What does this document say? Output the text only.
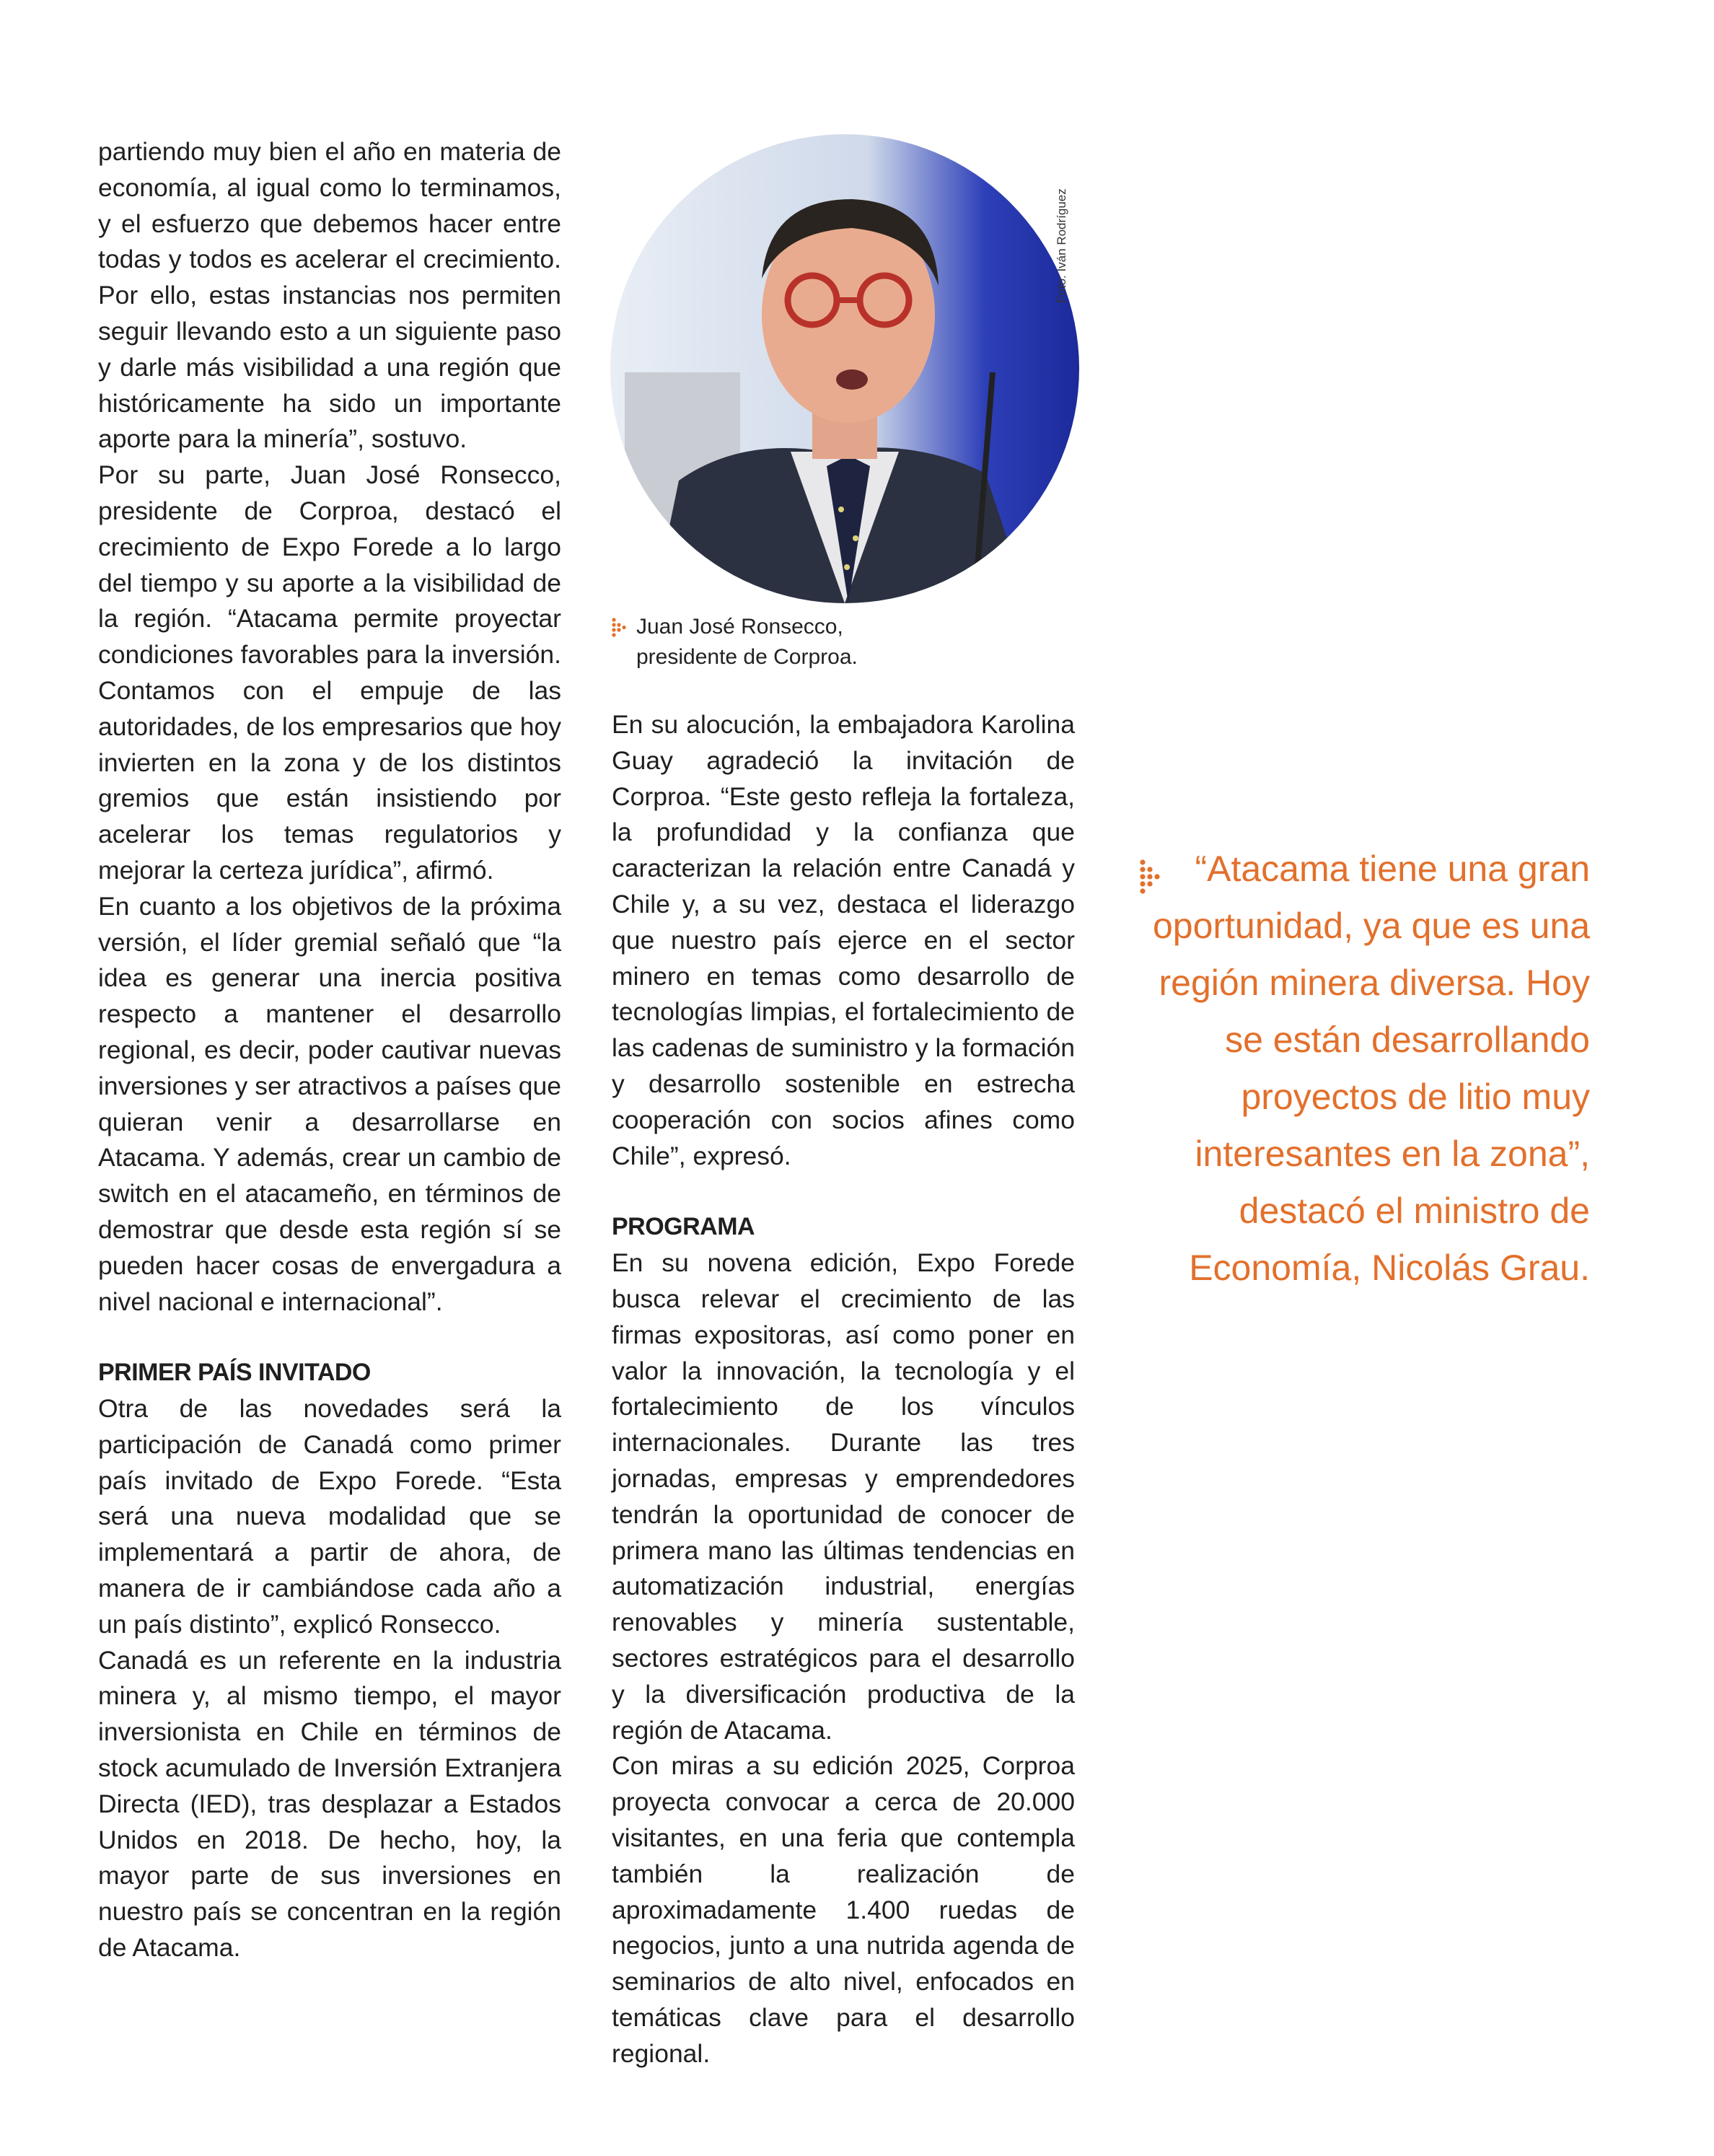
partiendo muy bien el año en materia de economía, al igual como lo terminamos, y el esfuerzo que debemos hacer entre todas y todos es acelerar el crecimiento. Por ello, estas instancias nos permiten seguir llevando esto a un siguiente paso y darle más visibilidad a una región que históricamente ha sido un importante aporte para la minería”, sostuvo.

Por su parte, Juan José Ronsecco, presidente de Corproa, destacó el crecimiento de Expo Forede a lo largo del tiempo y su aporte a la visibilidad de la región. “Atacama permite proyectar condiciones favorables para la inversión. Contamos con el empuje de las autoridades, de los empresarios que hoy invierten en la zona y de los distintos gremios que están insistiendo por acelerar los temas regulatorios y mejorar la certeza jurídica”, afirmó.

En cuanto a los objetivos de la próxima versión, el líder gremial señaló que “la idea es generar una inercia positiva respecto a mantener el desarrollo regional, es decir, poder cautivar nuevas inversiones y ser atractivos a países que quieran venir a desarrollarse en Atacama. Y además, crear un cambio de switch en el atacameño, en términos de demostrar que desde esta región sí se pueden hacer cosas de envergadura a nivel nacional e internacional”.

PRIMER PAÍS INVITADO

Otra de las novedades será la participación de Canadá como primer país invitado de Expo Forede. “Esta será una nueva modalidad que se implementará a partir de ahora, de manera de ir cambiándose cada año a un país distinto”, explicó Ronsecco.

Canadá es un referente en la industria minera y, al mismo tiempo, el mayor inversionista en Chile en términos de stock acumulado de Inversión Extranjera Directa (IED), tras desplazar a Estados Unidos en 2018. De hecho, hoy, la mayor parte de sus inversiones en nuestro país se concentran en la región de Atacama.

Foto: Iván Rodríguez
Juan José Ronsecco,
presidente de Corproa.

En su alocución, la embajadora Karolina Guay agradeció la invitación de Corproa. “Este gesto refleja la fortaleza, la profundidad y la confianza que caracterizan la relación entre Canadá y Chile y, a su vez, destaca el liderazgo que nuestro país ejerce en el sector minero en temas como desarrollo de tecnologías limpias, el fortalecimiento de las cadenas de suministro y la formación y desarrollo sostenible en estrecha cooperación con socios afines como Chile”, expresó.

PROGRAMA

En su novena edición, Expo Forede busca relevar el crecimiento de las firmas expositoras, así como poner en valor la innovación, la tecnología y el fortalecimiento de los vínculos internacionales. Durante las tres jornadas, empresas y emprendedores tendrán la oportunidad de conocer de primera mano las últimas tendencias en automatización industrial, energías renovables y minería sustentable, sectores estratégicos para el desarrollo y la diversificación productiva de la región de Atacama.

Con miras a su edición 2025, Corproa proyecta convocar a cerca de 20.000 visitantes, en una feria que contempla también la realización de aproximadamente 1.400 ruedas de negocios, junto a una nutrida agenda de seminarios de alto nivel, enfocados en temáticas clave para el desarrollo regional.

“Atacama tiene una gran oportunidad, ya que es una región minera diversa. Hoy se están desarrollando proyectos de litio muy interesantes en la zona”, destacó el ministro de Economía, Nicolás Grau.
